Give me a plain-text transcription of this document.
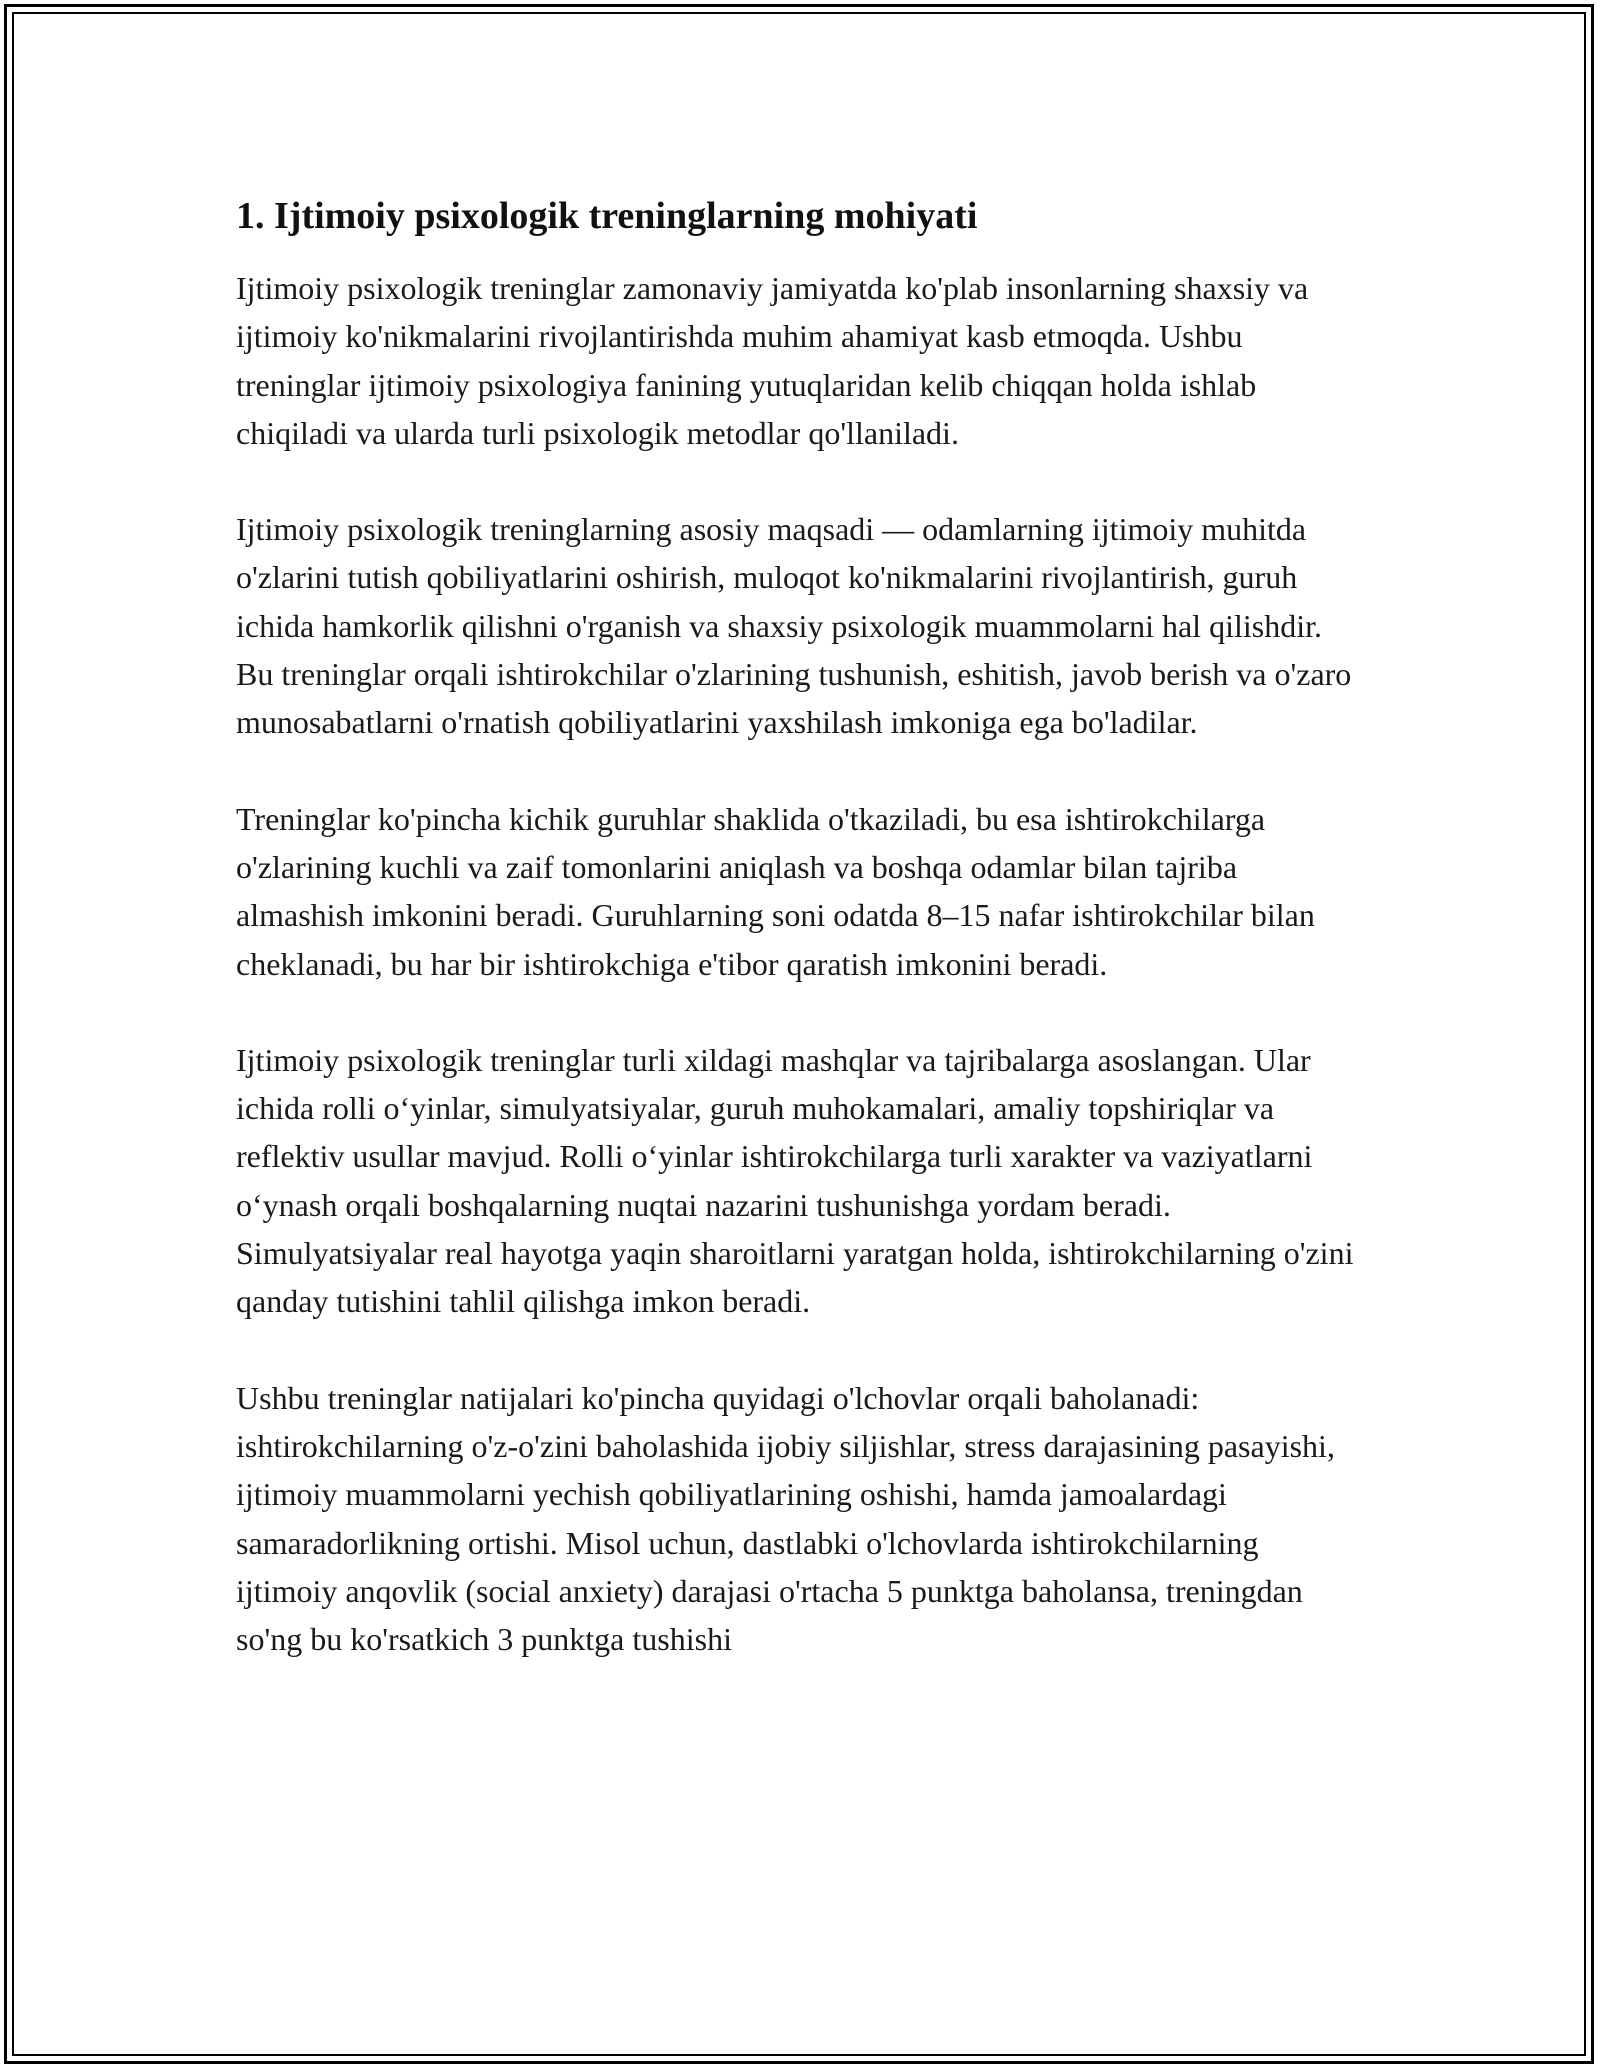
1. Ijtimoiy psixologik treninglarning mohiyati

Ijtimoiy psixologik treninglar zamonaviy jamiyatda ko'plab insonlarning shaxsiy va ijtimoiy ko'nikmalarini rivojlantirishda muhim ahamiyat kasb etmoqda. Ushbu treninglar ijtimoiy psixologiya fanining yutuqlaridan kelib chiqqan holda ishlab chiqiladi va ularda turli psixologik metodlar qo'llaniladi.

Ijtimoiy psixologik treninglarning asosiy maqsadi — odamlarning ijtimoiy muhitda o'zlarini tutish qobiliyatlarini oshirish, muloqot ko'nikmalarini rivojlantirish, guruh ichida hamkorlik qilishni o'rganish va shaxsiy psixologik muammolarni hal qilishdir. Bu treninglar orqali ishtirokchilar o'zlarining tushunish, eshitish, javob berish va o'zaro munosabatlarni o'rnatish qobiliyatlarini yaxshilash imkoniga ega bo'ladilar.

Treninglar ko'pincha kichik guruhlar shaklida o'tkaziladi, bu esa ishtirokchilarga o'zlarining kuchli va zaif tomonlarini aniqlash va boshqa odamlar bilan tajriba almashish imkonini beradi. Guruhlarning soni odatda 8–15 nafar ishtirokchilar bilan cheklanadi, bu har bir ishtirokchiga e'tibor qaratish imkonini beradi.

Ijtimoiy psixologik treninglar turli xildagi mashqlar va tajribalarga asoslangan. Ular ichida rolli o‘yinlar, simulyatsiyalar, guruh muhokamalari, amaliy topshiriqlar va reflektiv usullar mavjud. Rolli o‘yinlar ishtirokchilarga turli xarakter va vaziyatlarni o‘ynash orqali boshqalarning nuqtai nazarini tushunishga yordam beradi. Simulyatsiyalar real hayotga yaqin sharoitlarni yaratgan holda, ishtirokchilarning o'zini qanday tutishini tahlil qilishga imkon beradi.

Ushbu treninglar natijalari ko'pincha quyidagi o'lchovlar orqali baholanadi: ishtirokchilarning o'z-o'zini baholashida ijobiy siljishlar, stress darajasining pasayishi, ijtimoiy muammolarni yechish qobiliyatlarining oshishi, hamda jamoalardagi samaradorlikning ortishi. Misol uchun, dastlabki o'lchovlarda ishtirokchilarning ijtimoiy anqovlik (social anxiety) darajasi o'rtacha 5 punktga baholansa, treningdan so'ng bu ko'rsatkich 3 punktga tushishi
